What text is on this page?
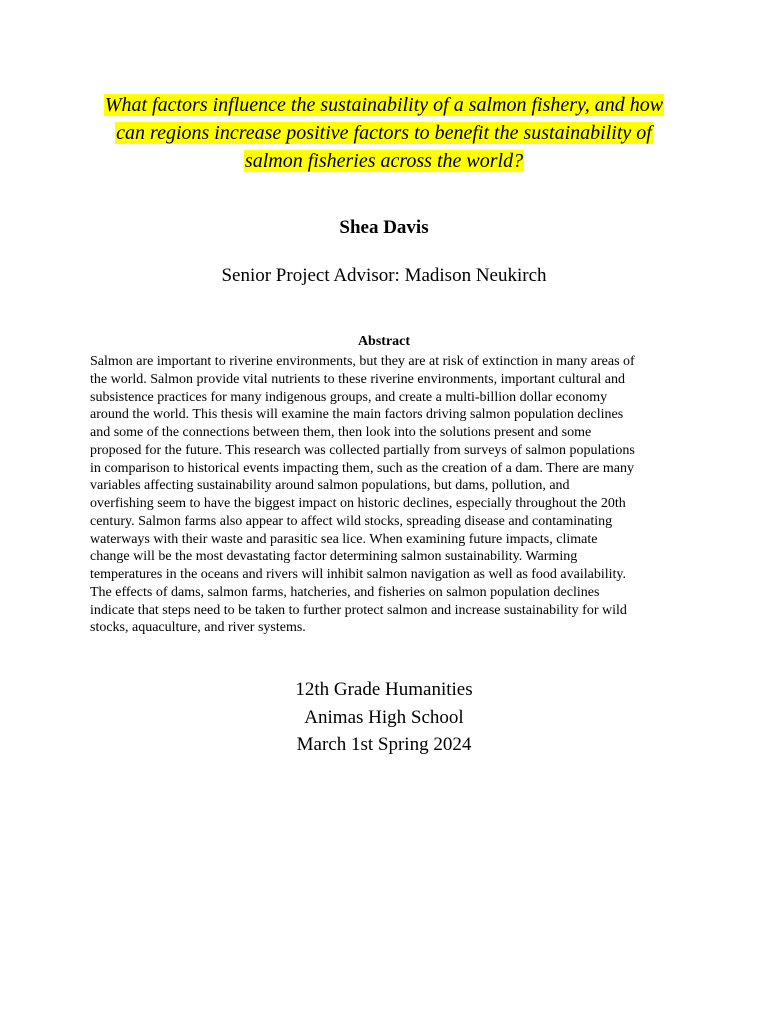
What factors influence the sustainability of a salmon fishery, and how
can regions increase positive factors to benefit the sustainability of
salmon fisheries across the world?
Shea Davis
Senior Project Advisor: Madison Neukirch
Abstract
Salmon are important to riverine environments, but they are at risk of extinction in many areas of
the world. Salmon provide vital nutrients to these riverine environments, important cultural and
subsistence practices for many indigenous groups, and create a multi-billion dollar economy
around the world. This thesis will examine the main factors driving salmon population declines
and some of the connections between them, then look into the solutions present and some
proposed for the future. This research was collected partially from surveys of salmon populations
in comparison to historical events impacting them, such as the creation of a dam. There are many
variables affecting sustainability around salmon populations, but dams, pollution, and
overfishing seem to have the biggest impact on historic declines, especially throughout the 20th
century. Salmon farms also appear to affect wild stocks, spreading disease and contaminating
waterways with their waste and parasitic sea lice. When examining future impacts, climate
change will be the most devastating factor determining salmon sustainability. Warming
temperatures in the oceans and rivers will inhibit salmon navigation as well as food availability.
The effects of dams, salmon farms, hatcheries, and fisheries on salmon population declines
indicate that steps need to be taken to further protect salmon and increase sustainability for wild
stocks, aquaculture, and river systems.
12th Grade Humanities
Animas High School
March 1st Spring 2024
